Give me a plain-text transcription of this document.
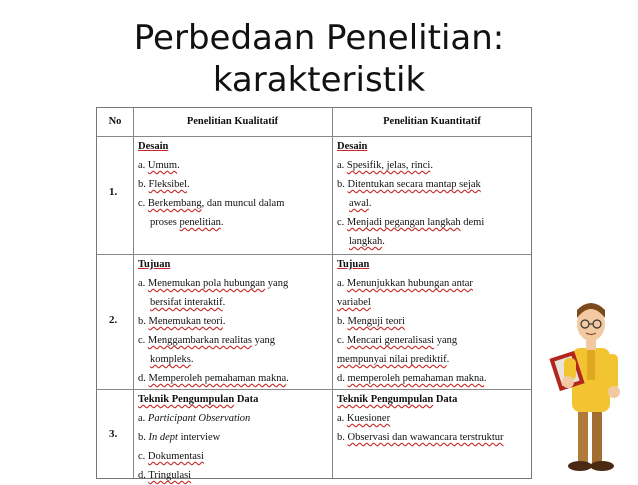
Perbedaan Penelitian:
karakteristik
No	Penelitian Kualitatif	Penelitian Kuantitatif
1.
Desain
a. Umum.
b. Fleksibel.
c. Berkembang, dan muncul dalam
proses penelitian.
Desain
a. Spesifik, jelas, rinci.
b. Ditentukan secara mantap sejak
awal.
c. Menjadi pegangan langkah demi
langkah.
2.
Tujuan
a. Menemukan pola hubungan yang
bersifat interaktif.
b. Menemukan teori.
c. Menggambarkan realitas yang
kompleks.
d. Memperoleh pemahaman makna.
Tujuan
a. Menunjukkan hubungan antar
variabel
b. Menguji teori
c. Mencari generalisasi yang
mempunyai nilai prediktif.
d. memperoleh pemahaman makna.
3.
Teknik Pengumpulan Data
a. Participant Observation
b. In dept interview
c. Dokumentasi
d. Tringulasi
Teknik Pengumpulan Data
a. Kuesioner
b. Observasi dan wawancara terstruktur
